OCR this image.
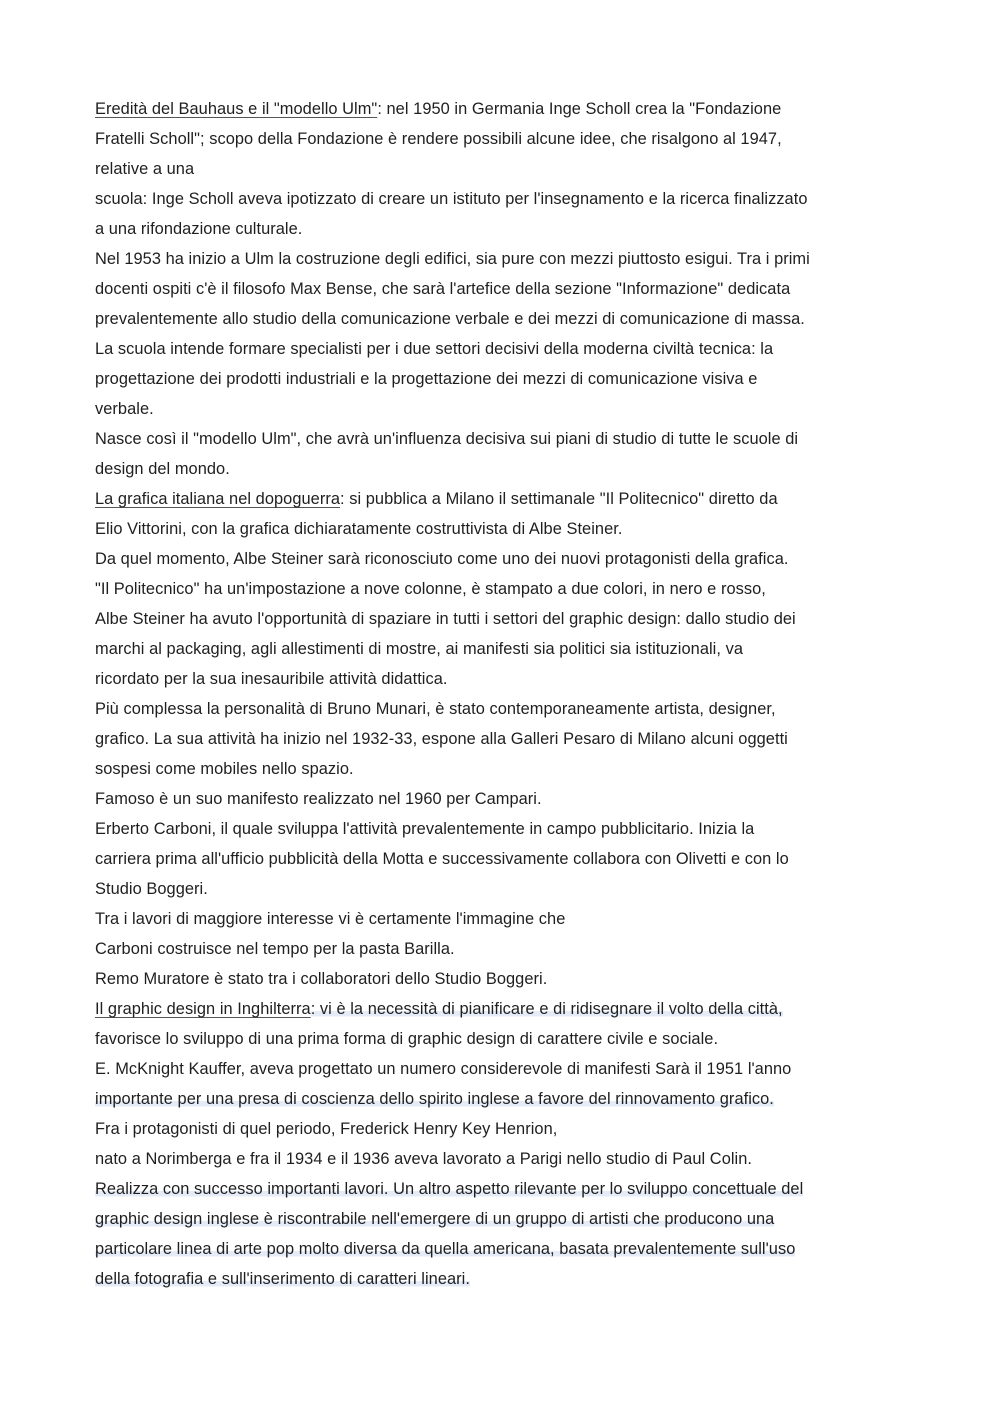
Eredità del Bauhaus e il "modello Ulm": nel 1950 in Germania Inge Scholl crea la "Fondazione
Fratelli Scholl"; scopo della Fondazione è rendere possibili alcune idee, che risalgono al 1947,
relative a una
scuola: Inge Scholl aveva ipotizzato di creare un istituto per l'insegnamento e la ricerca finalizzato
a una rifondazione culturale.
Nel 1953 ha inizio a Ulm la costruzione degli edifici, sia pure con mezzi piuttosto esigui. Tra i primi
docenti ospiti c'è il filosofo Max Bense, che sarà l'artefice della sezione "Informazione" dedicata
prevalentemente allo studio della comunicazione verbale e dei mezzi di comunicazione di massa.
La scuola intende formare specialisti per i due settori decisivi della moderna civiltà tecnica: la
progettazione dei prodotti industriali e la progettazione dei mezzi di comunicazione visiva e
verbale.
Nasce così il "modello Ulm", che avrà un'influenza decisiva sui piani di studio di tutte le scuole di
design del mondo.
La grafica italiana nel dopoguerra: si pubblica a Milano il settimanale "Il Politecnico" diretto da
Elio Vittorini, con la grafica dichiaratamente costruttivista di Albe Steiner.
Da quel momento, Albe Steiner sarà riconosciuto come uno dei nuovi protagonisti della grafica.
"Il Politecnico" ha un'impostazione a nove colonne, è stampato a due colori, in nero e rosso,
Albe Steiner ha avuto l'opportunità di spaziare in tutti i settori del graphic design: dallo studio dei
marchi al packaging, agli allestimenti di mostre, ai manifesti sia politici sia istituzionali, va
ricordato per la sua inesauribile attività didattica.
Più complessa la personalità di Bruno Munari, è stato contemporaneamente artista, designer,
grafico. La sua attività ha inizio nel 1932-33, espone alla Galleri Pesaro di Milano alcuni oggetti
sospesi come mobiles nello spazio.
Famoso è un suo manifesto realizzato nel 1960 per Campari.
Erberto Carboni, il quale sviluppa l'attività prevalentemente in campo pubblicitario. Inizia la
carriera prima all'ufficio pubblicità della Motta e successivamente collabora con Olivetti e con lo
Studio Boggeri.
Tra i lavori di maggiore interesse vi è certamente l'immagine che
Carboni costruisce nel tempo per la pasta Barilla.
Remo Muratore è stato tra i collaboratori dello Studio Boggeri.
Il graphic design in Inghilterra: vi è la necessità di pianificare e di ridisegnare il volto della città,
favorisce lo sviluppo di una prima forma di graphic design di carattere civile e sociale.
E. McKnight Kauffer, aveva progettato un numero considerevole di manifesti Sarà il 1951 l'anno
importante per una presa di coscienza dello spirito inglese a favore del rinnovamento grafico.
Fra i protagonisti di quel periodo, Frederick Henry Key Henrion,
nato a Norimberga e fra il 1934 e il 1936 aveva lavorato a Parigi nello studio di Paul Colin.
Realizza con successo importanti lavori. Un altro aspetto rilevante per lo sviluppo concettuale del
graphic design inglese è riscontrabile nell'emergere di un gruppo di artisti che producono una
particolare linea di arte pop molto diversa da quella americana, basata prevalentemente sull'uso
della fotografia e sull'inserimento di caratteri lineari.
